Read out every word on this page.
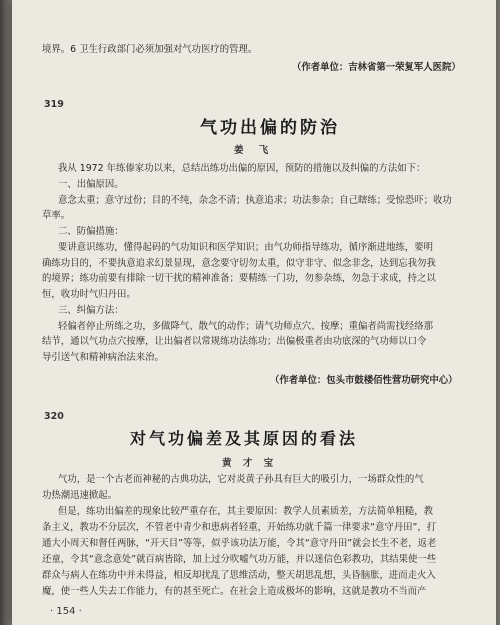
境界。6 卫生行政部门必须加强对气功医疗的管理。
（作者单位：吉林省第一荣复军人医院）
319
气功出偏的防治
姜 飞
我从 1972 年练傣家功以来，总结出练功出偏的原因，预防的措施以及纠偏的方法如下：
一、出偏原因。
意念太重；意守过份；目的不纯，杂念不清；执意追求；功法参杂；自己瞎练；受惊恐吓；收功
草率。
二、防偏措施：
要讲意识练功，懂得起码的气功知识和医学知识；由气功师指导练功，循序渐进地练，要明
确练功目的，不要执意追求幻景显现，意念要守切勿太重，似守非守、似念非念，达到忘我勿我
的境界；练功前要有排除一切干扰的精神准备；要精练一门功，勿参杂练，勿急于求成，持之以
恒，收功时气归丹田。
三、纠偏方法：
轻偏者停止所练之功，多做降气、散气的动作；请气功师点穴、按摩；重偏者尚需找经络那
结节，通以气功点穴按摩，让出偏者以常规练功法练功；出偏极重者由功底深的气功师以口令
导引送气和精神病治法来治。
（作者单位：包头市鼓楼佰性营功研究中心）
320
对气功偏差及其原因的看法
黄 才 宝
气功，是一个古老而神秘的古典功法，它对炎黄子孙具有巨大的吸引力，一场群众性的气
功热潮迅速掀起。
但是，练功出偏差的现象比较严重存在，其主要原因：教学人员素质差，方法简单粗糙，教
条主义，教功不分层次，不管老中青少和患病者轻重，开始练功就千篇一律要求“意守丹田”，打
通大小周天和督任两脉，“开天目”等等，似乎该功法万能，令其“意守丹田”就会长生不老，返老
还童，令其“意念意处”就百病皆除，加上过分吹嘘气功万能，并以迷信色彩教功，其结果使一些
群众与病人在练功中并未得益，相反却扰乱了思维活动，整天胡思乱想，头昏脑胀，进而走火入
魔，使一些人失去工作能力，有的甚至死亡。在社会上造成极坏的影响，这就是教功不当而产
· 154 ·
